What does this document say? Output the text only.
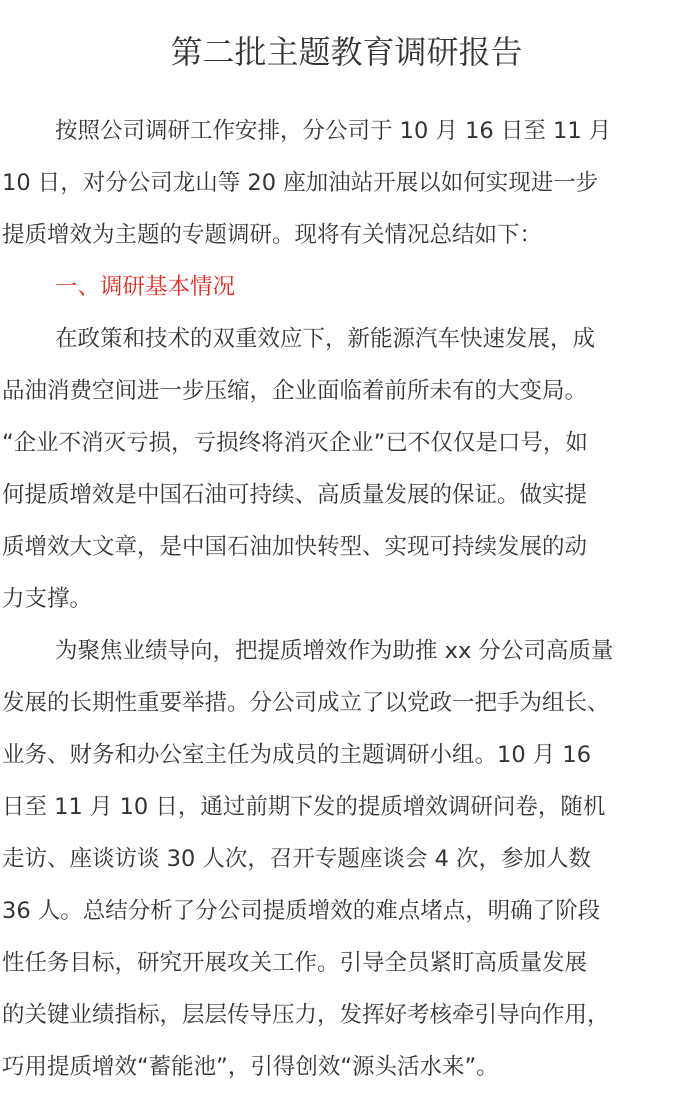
第二批主题教育调研报告
按照公司调研工作安排，分公司于 10 月 16 日至 11 月
10 日，对分公司龙山等 20 座加油站开展以如何实现进一步
提质增效为主题的专题调研。现将有关情况总结如下：
一、调研基本情况
在政策和技术的双重效应下，新能源汽车快速发展，成
品油消费空间进一步压缩，企业面临着前所未有的大变局。
“企业不消灭亏损，亏损终将消灭企业”已不仅仅是口号，如
何提质增效是中国石油可持续、高质量发展的保证。做实提
质增效大文章，是中国石油加快转型、实现可持续发展的动
力支撑。
为聚焦业绩导向，把提质增效作为助推 xx 分公司高质量
发展的长期性重要举措。分公司成立了以党政一把手为组长、
业务、财务和办公室主任为成员的主题调研小组。10 月 16
日至 11 月 10 日，通过前期下发的提质增效调研问卷，随机
走访、座谈访谈 30 人次，召开专题座谈会 4 次，参加人数
36 人。总结分析了分公司提质增效的难点堵点，明确了阶段
性任务目标，研究开展攻关工作。引导全员紧盯高质量发展
的关键业绩指标，层层传导压力，发挥好考核牵引导向作用，
巧用提质增效“蓄能池”，引得创效“源头活水来”。
